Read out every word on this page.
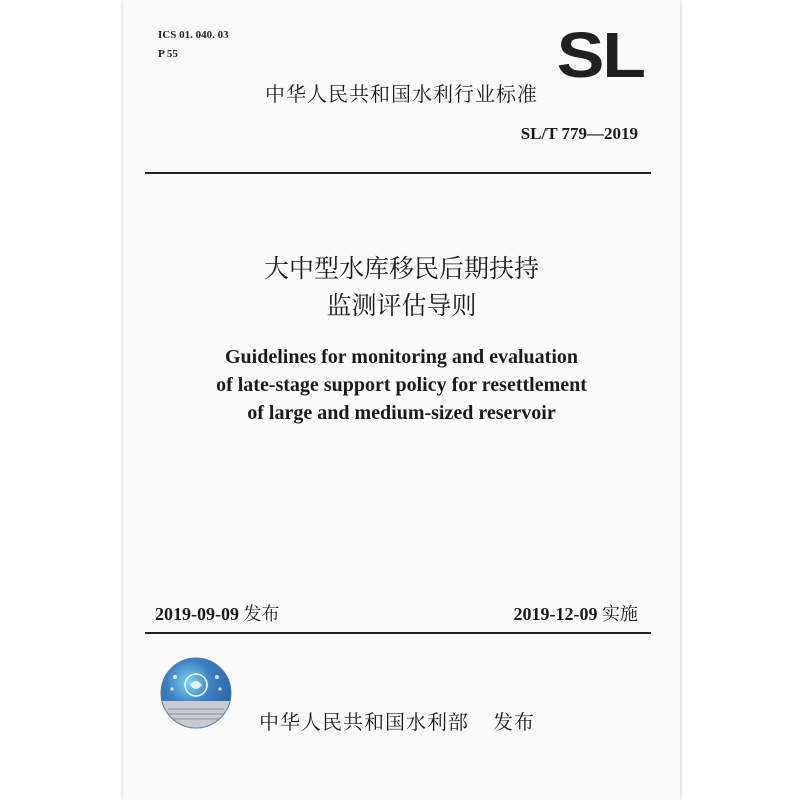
ICS 01. 040. 03
P 55	SL
中华人民共和国水利行业标准
SL/T 779—2019
大中型水库移民后期扶持
监测评估导则
Guidelines for monitoring and evaluation
of late-stage support policy for resettlement
of large and medium-sized reservoir
2019-09-09 发布	2019-12-09 实施
中华人民共和国水利部 发布
